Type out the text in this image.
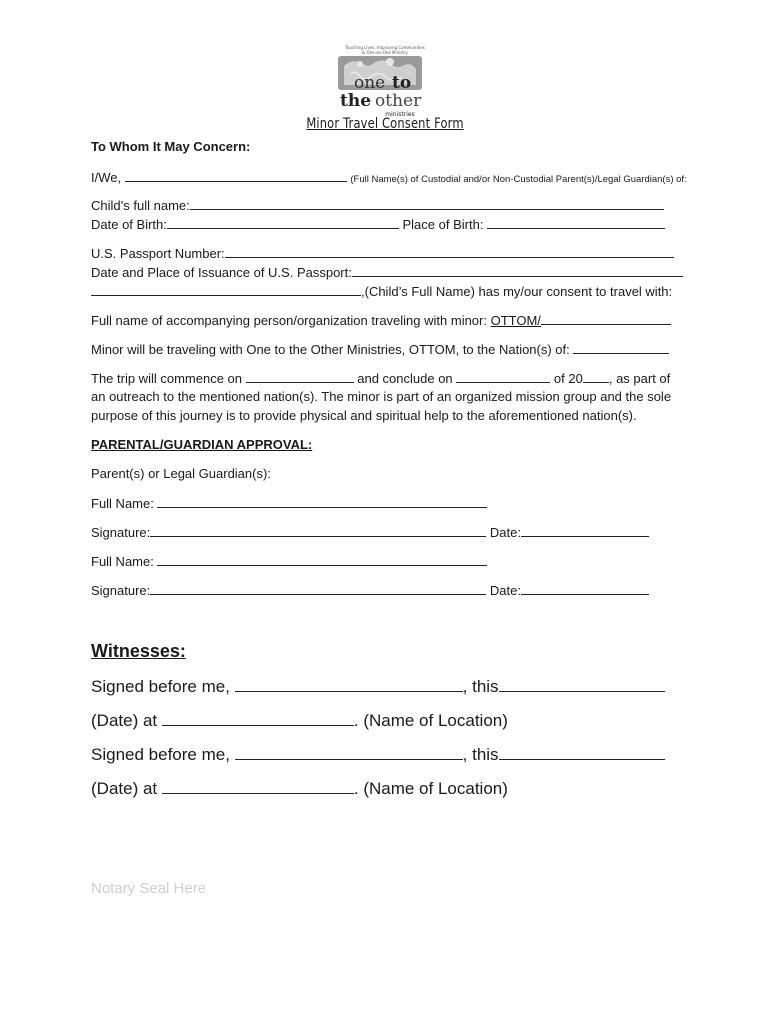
Touching Lives, Improving Communities
& One-on-One Ministry
one to
the other
ministries
Minor Travel Consent Form
To Whom It May Concern:
I/We,	(Full Name(s) of Custodial and/or Non-Custodial Parent(s)/Legal Guardian(s) of:
Child’s full name:
Date of Birth:	Place of Birth:
U.S. Passport Number:
Date and Place of Issuance of U.S. Passport:
,(Child’s Full Name) has my/our consent to travel with:
Full name of accompanying person/organization traveling with minor: OTTOM/
Minor will be traveling with One to the Other Ministries, OTTOM, to the Nation(s) of:
The trip will commence on	and conclude on	of 20 , as part of
an outreach to the mentioned nation(s). The minor is part of an organized mission group and the sole
purpose of this journey is to provide physical and spiritual help to the aforementioned nation(s).
PARENTAL/GUARDIAN APPROVAL:
Parent(s) or Legal Guardian(s):
Full Name:
Signature:	Date:
Full Name:
Signature:	Date:
Witnesses:
Signed before me,	, this
(Date) at	. (Name of Location)
Signed before me,	, this
(Date) at	. (Name of Location)
Notary Seal Here
